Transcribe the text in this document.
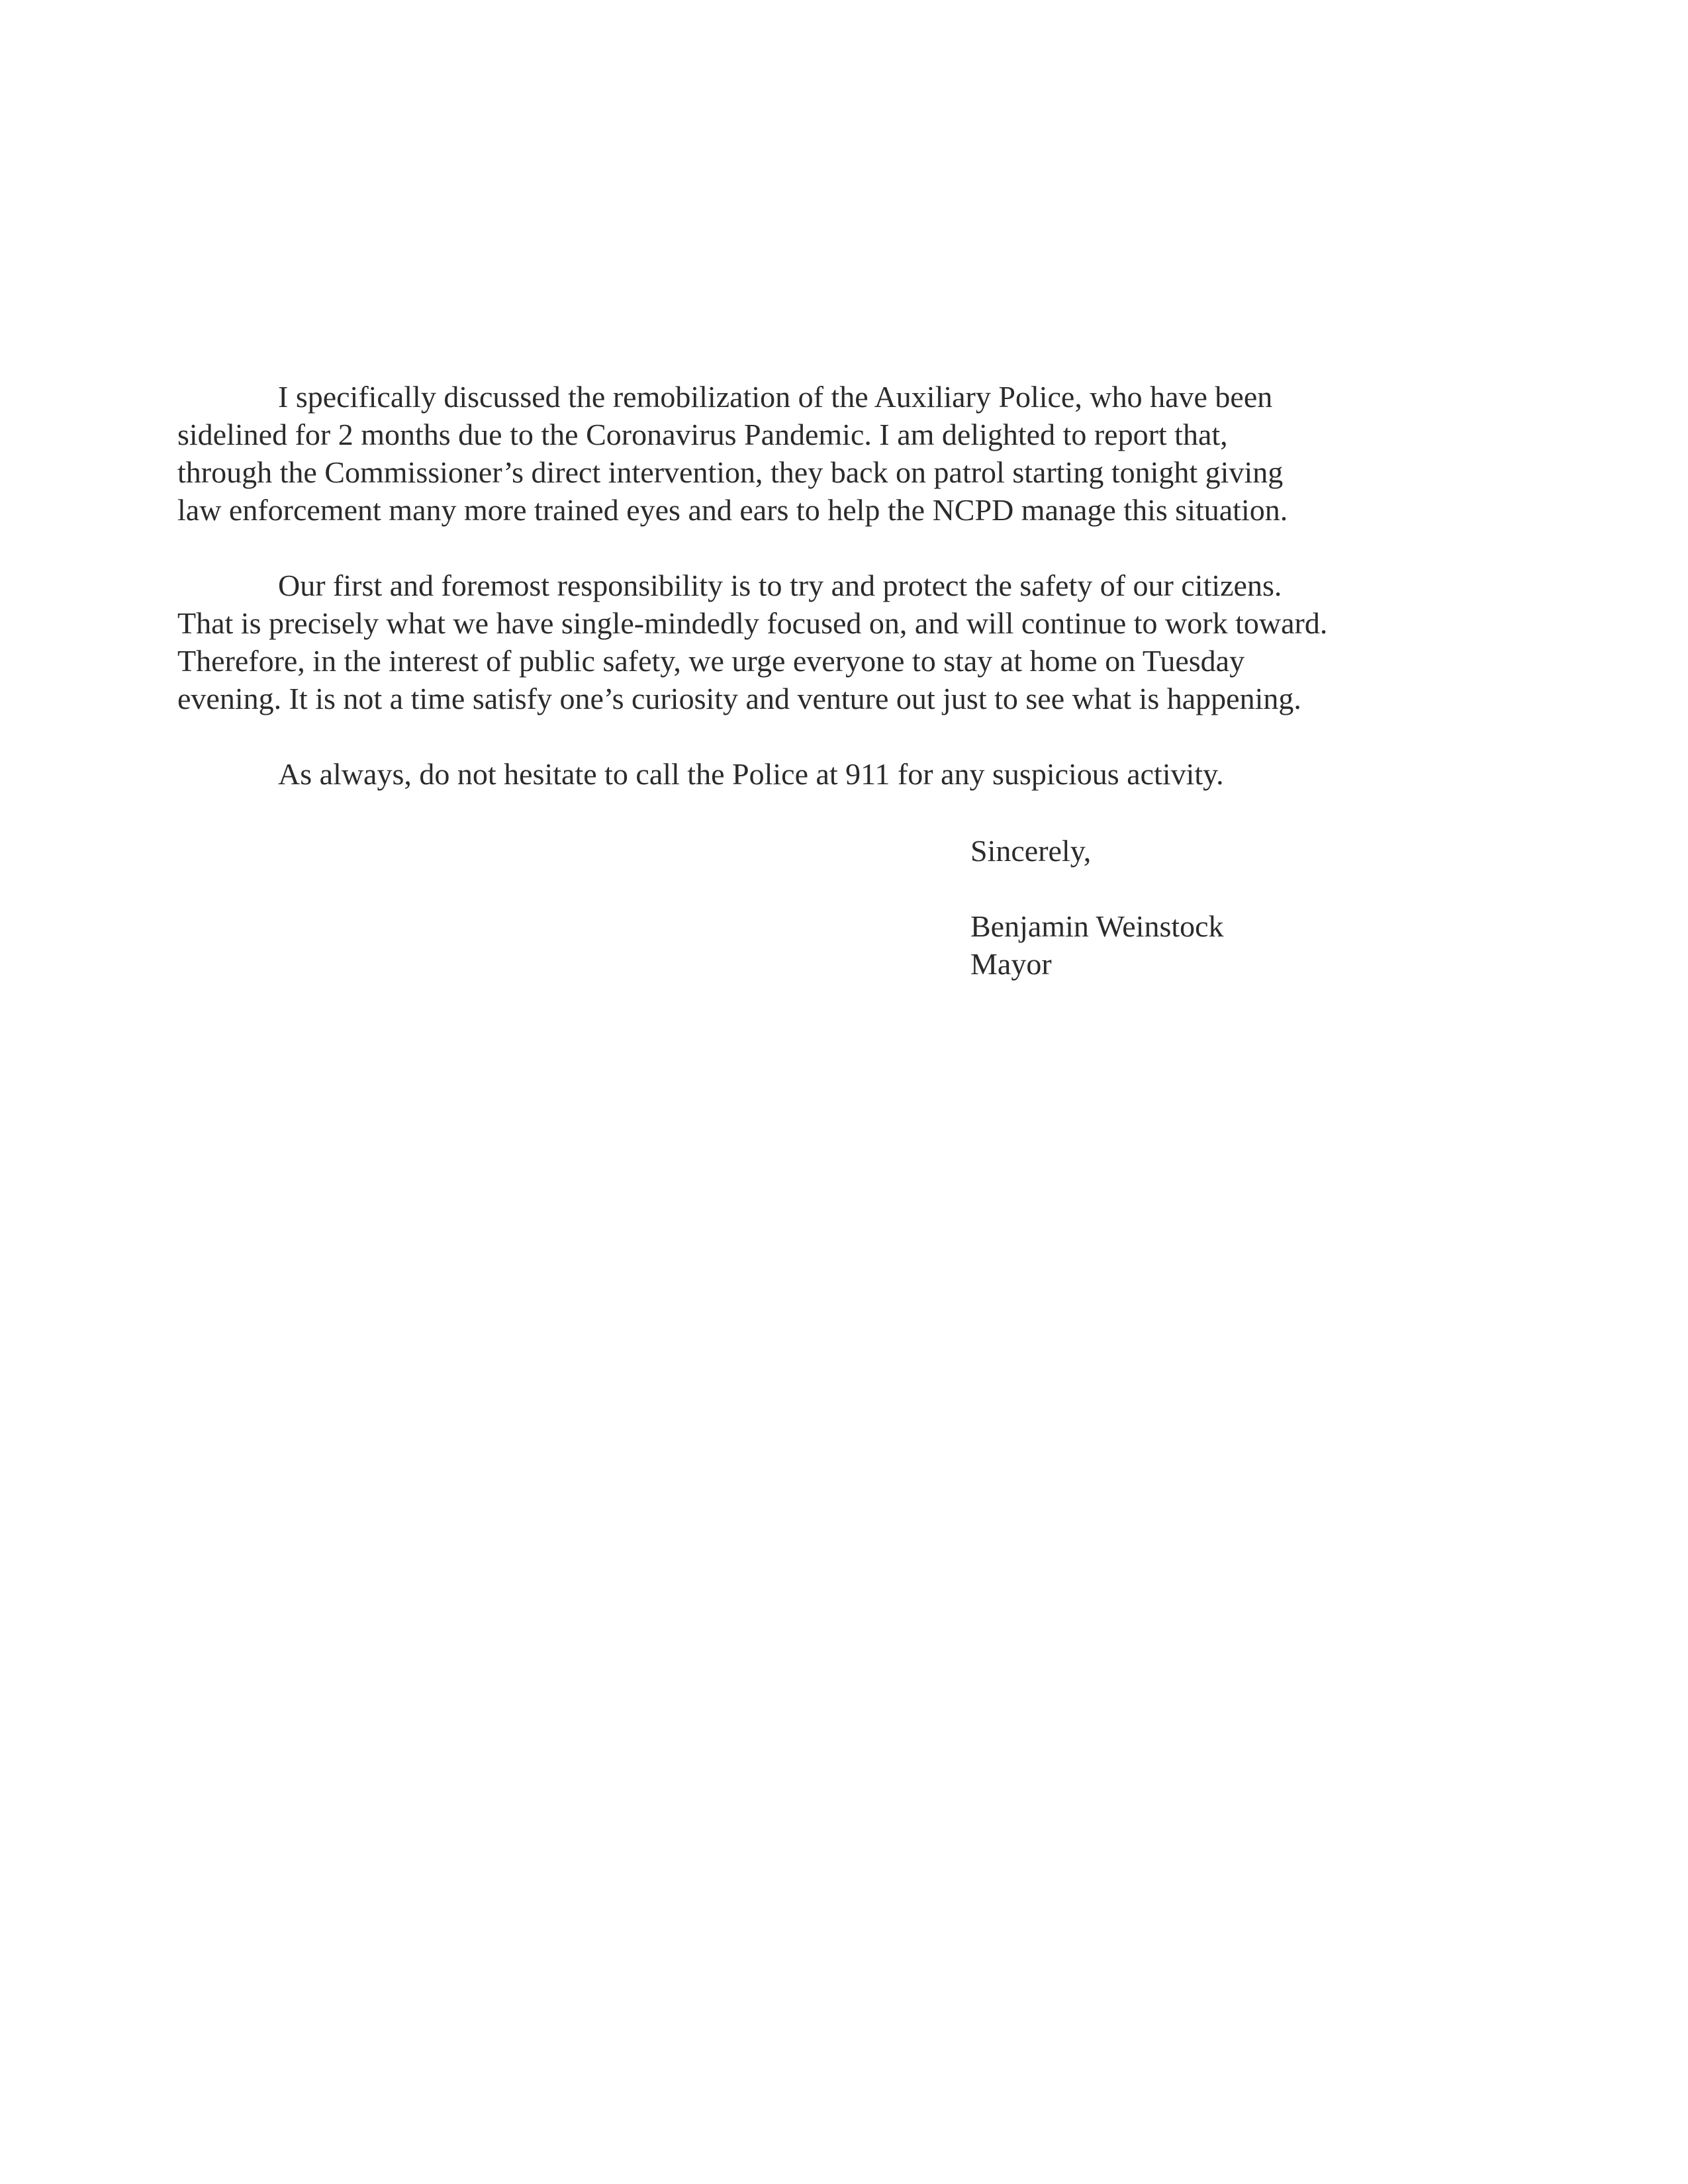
I specifically discussed the remobilization of the Auxiliary Police, who have been
sidelined for 2 months due to the Coronavirus Pandemic. I am delighted to report that,
through the Commissioner’s direct intervention, they back on patrol starting tonight giving
law enforcement many more trained eyes and ears to help the NCPD manage this situation.

Our first and foremost responsibility is to try and protect the safety of our citizens.
That is precisely what we have single-mindedly focused on, and will continue to work toward.
Therefore, in the interest of public safety, we urge everyone to stay at home on Tuesday
evening. It is not a time satisfy one’s curiosity and venture out just to see what is happening.

As always, do not hesitate to call the Police at 911 for any suspicious activity.

Sincerely,
Benjamin Weinstock
Mayor
